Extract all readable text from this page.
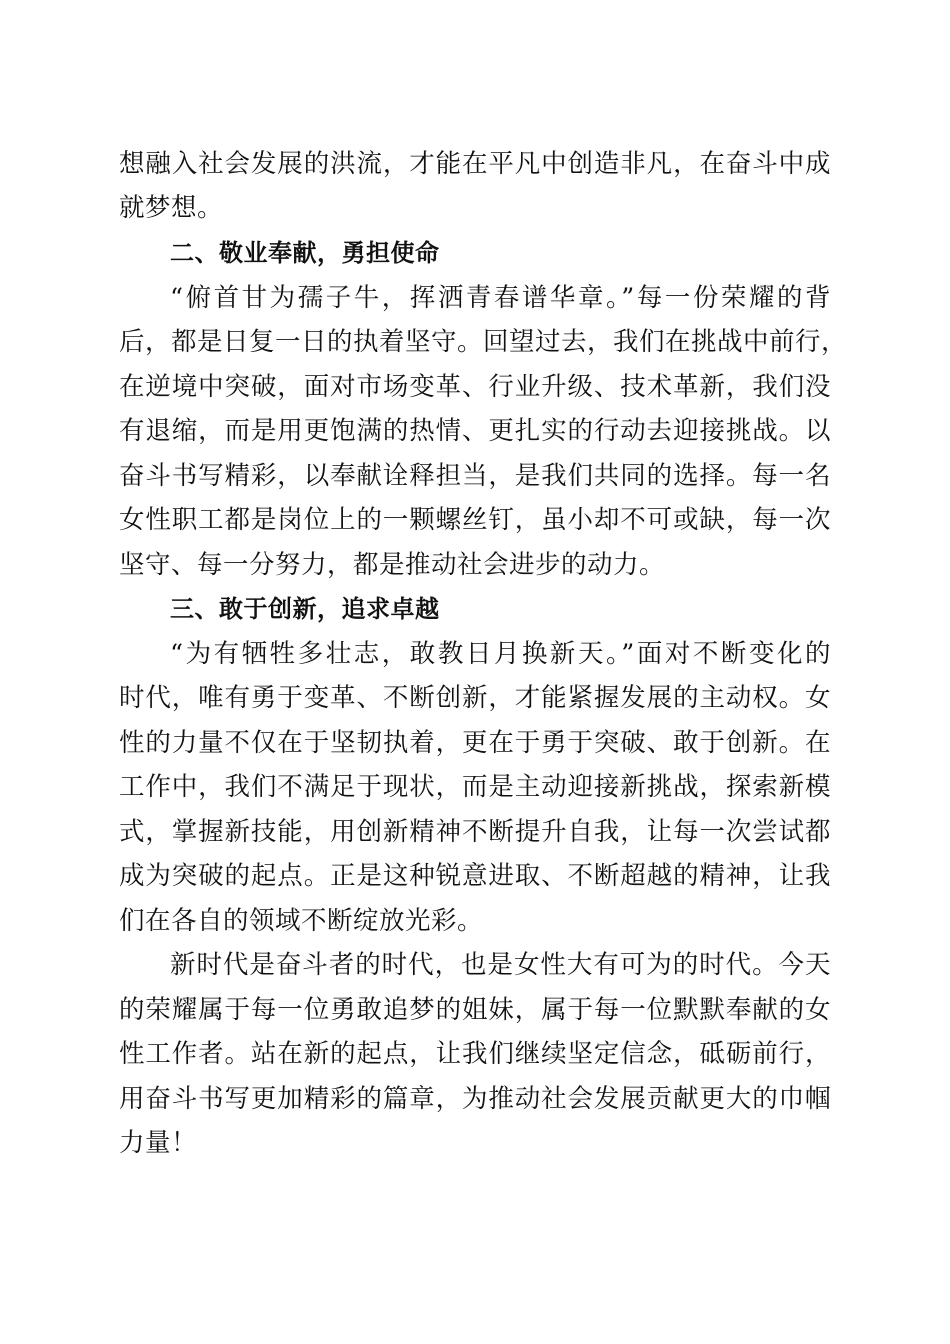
想融入社会发展的洪流，才能在平凡中创造非凡，在奋斗中成
就梦想。
二、敬业奉献，勇担使命
“俯首甘为孺子牛，挥洒青春谱华章。”每一份荣耀的背
后，都是日复一日的执着坚守。回望过去，我们在挑战中前行，
在逆境中突破，面对市场变革、行业升级、技术革新，我们没
有退缩，而是用更饱满的热情、更扎实的行动去迎接挑战。以
奋斗书写精彩，以奉献诠释担当，是我们共同的选择。每一名
女性职工都是岗位上的一颗螺丝钉，虽小却不可或缺，每一次
坚守、每一分努力，都是推动社会进步的动力。
三、敢于创新，追求卓越
“为有牺牲多壮志，敢教日月换新天。”面对不断变化的
时代，唯有勇于变革、不断创新，才能紧握发展的主动权。女
性的力量不仅在于坚韧执着，更在于勇于突破、敢于创新。在
工作中，我们不满足于现状，而是主动迎接新挑战，探索新模
式，掌握新技能，用创新精神不断提升自我，让每一次尝试都
成为突破的起点。正是这种锐意进取、不断超越的精神，让我
们在各自的领域不断绽放光彩。
新时代是奋斗者的时代，也是女性大有可为的时代。今天
的荣耀属于每一位勇敢追梦的姐妹，属于每一位默默奉献的女
性工作者。站在新的起点，让我们继续坚定信念，砥砺前行，
用奋斗书写更加精彩的篇章，为推动社会发展贡献更大的巾帼
力量！
